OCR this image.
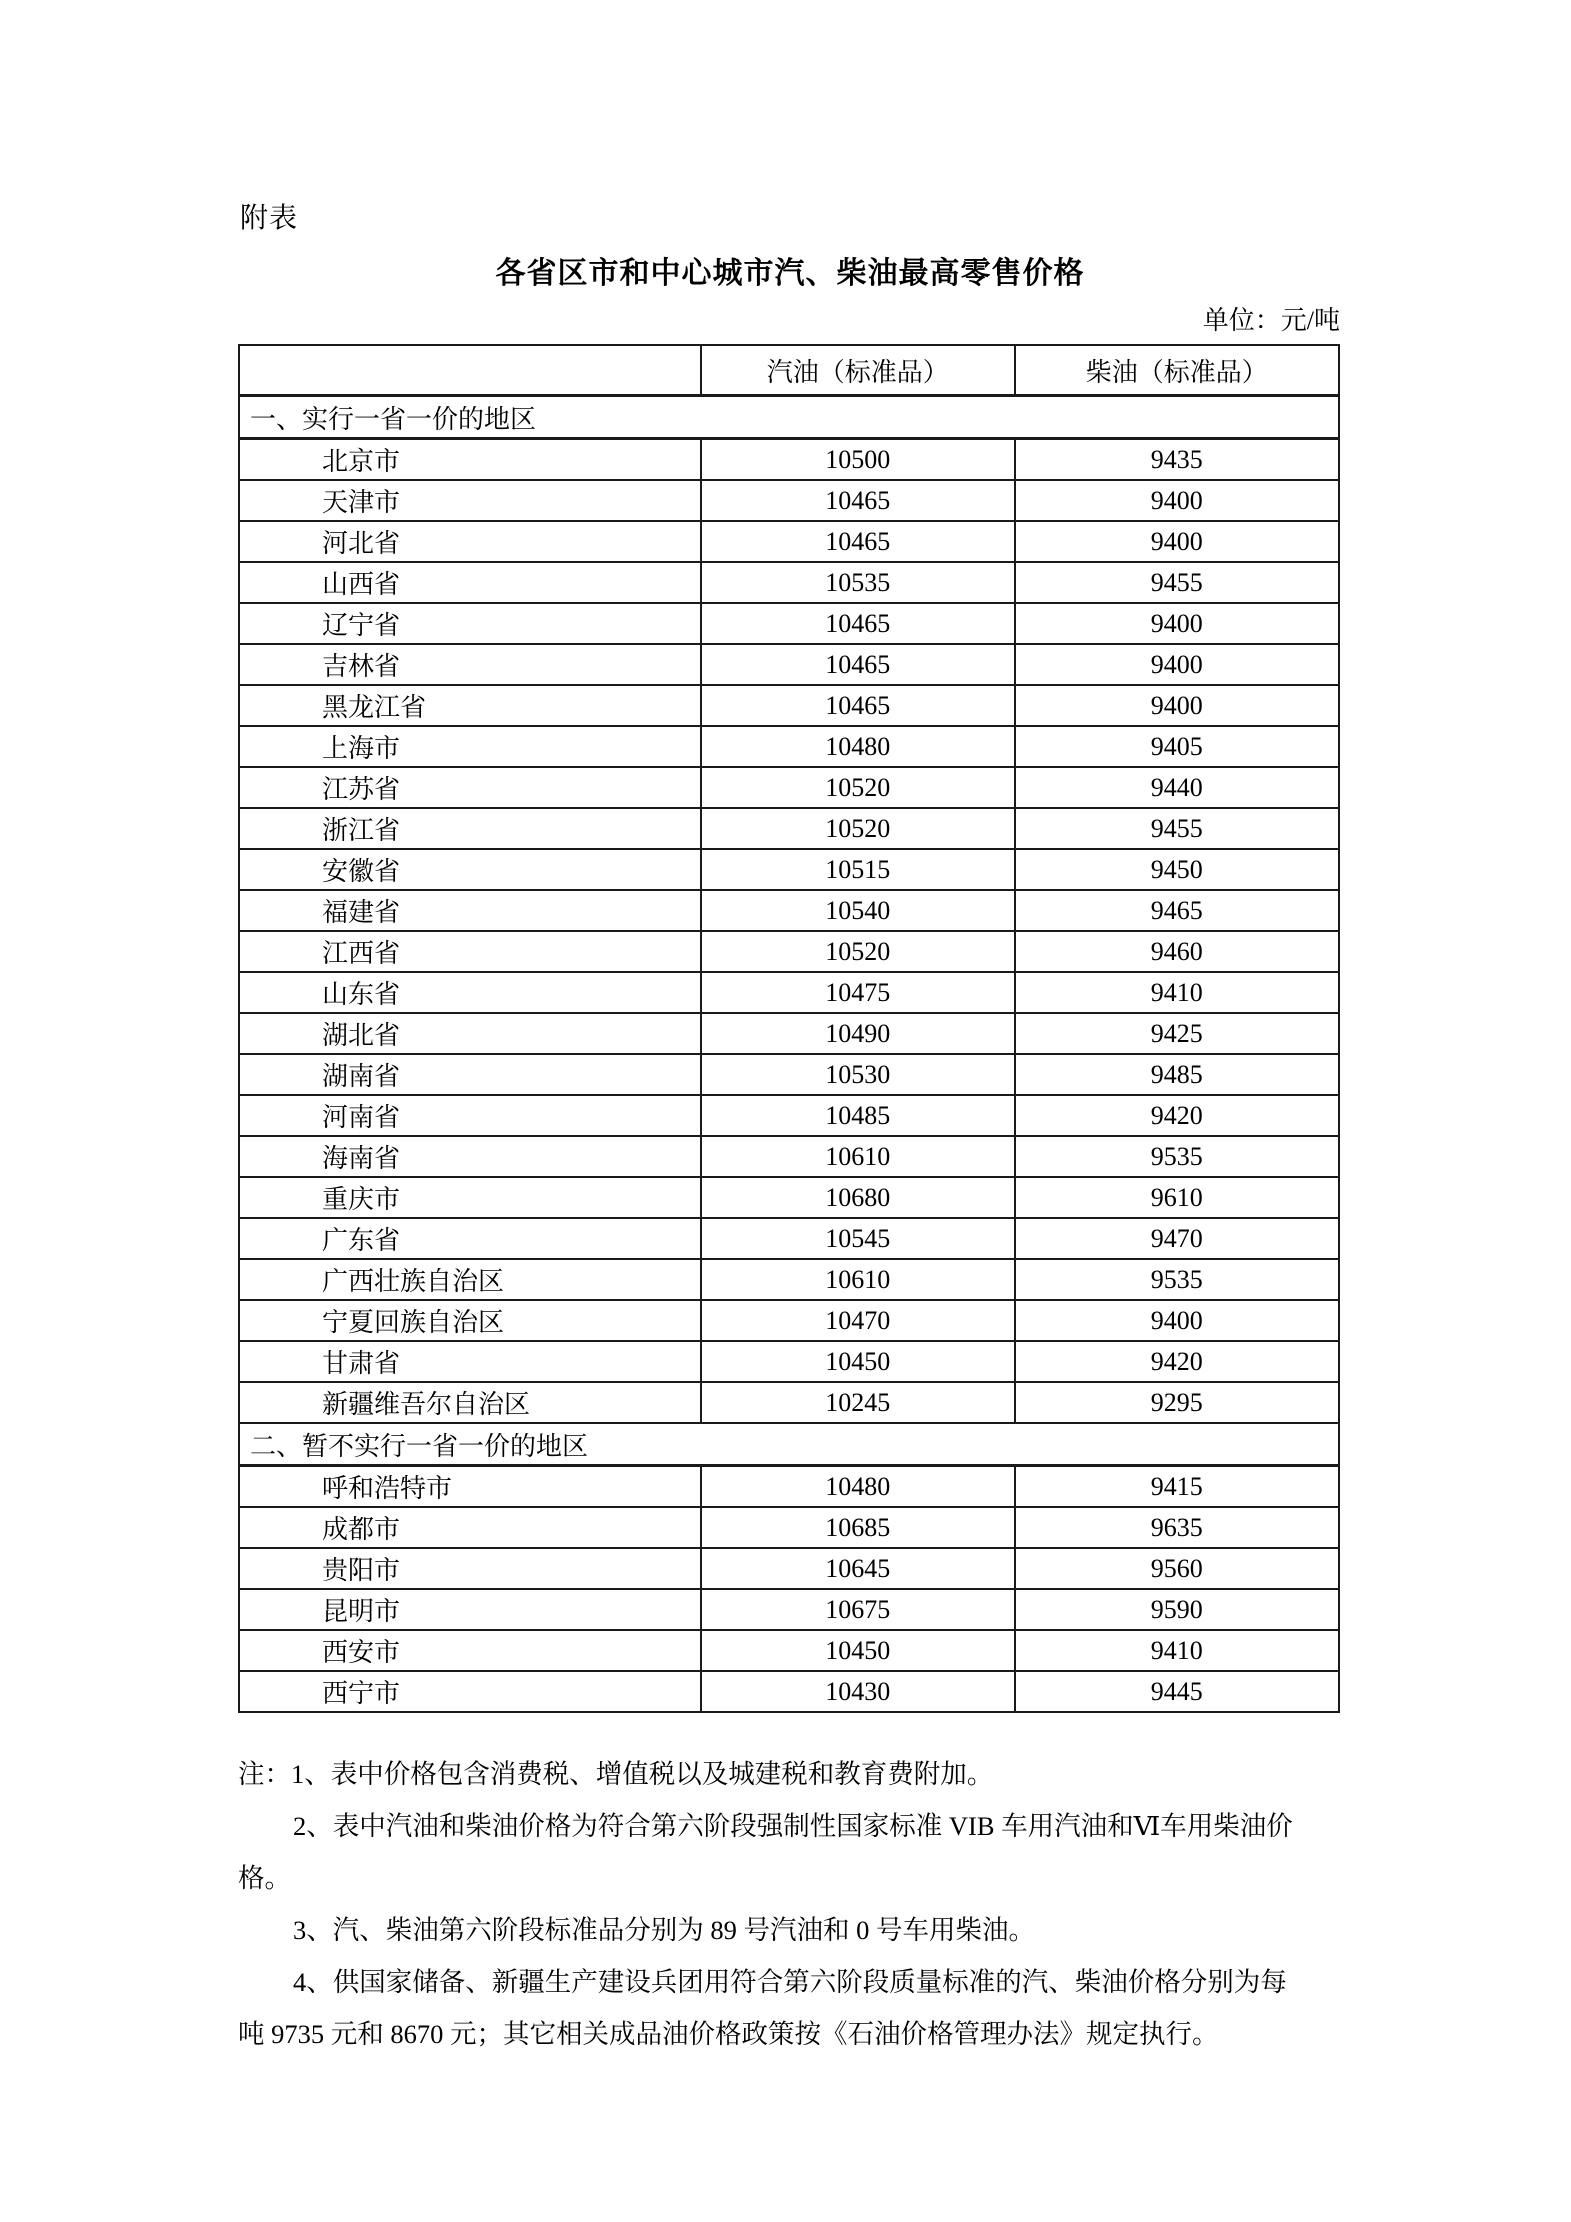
附表
各省区市和中心城市汽、柴油最高零售价格
单位：元/吨
	汽油（标准品）	柴油（标准品）
一、实行一省一价的地区		
北京市	10500	9435
天津市	10465	9400
河北省	10465	9400
山西省	10535	9455
辽宁省	10465	9400
吉林省	10465	9400
黑龙江省	10465	9400
上海市	10480	9405
江苏省	10520	9440
浙江省	10520	9455
安徽省	10515	9450
福建省	10540	9465
江西省	10520	9460
山东省	10475	9410
湖北省	10490	9425
湖南省	10530	9485
河南省	10485	9420
海南省	10610	9535
重庆市	10680	9610
广东省	10545	9470
广西壮族自治区	10610	9535
宁夏回族自治区	10470	9400
甘肃省	10450	9420
新疆维吾尔自治区	10245	9295
二、暂不实行一省一价的地区		
呼和浩特市	10480	9415
成都市	10685	9635
贵阳市	10645	9560
昆明市	10675	9590
西安市	10450	9410
西宁市	10430	9445
注：1、表中价格包含消费税、增值税以及城建税和教育费附加。
2、表中汽油和柴油价格为符合第六阶段强制性国家标准 VIB 车用汽油和Ⅵ车用柴油价
格。
3、汽、柴油第六阶段标准品分别为 89 号汽油和 0 号车用柴油。
4、供国家储备、新疆生产建设兵团用符合第六阶段质量标准的汽、柴油价格分别为每
吨 9735 元和 8670 元；其它相关成品油价格政策按《石油价格管理办法》规定执行。
